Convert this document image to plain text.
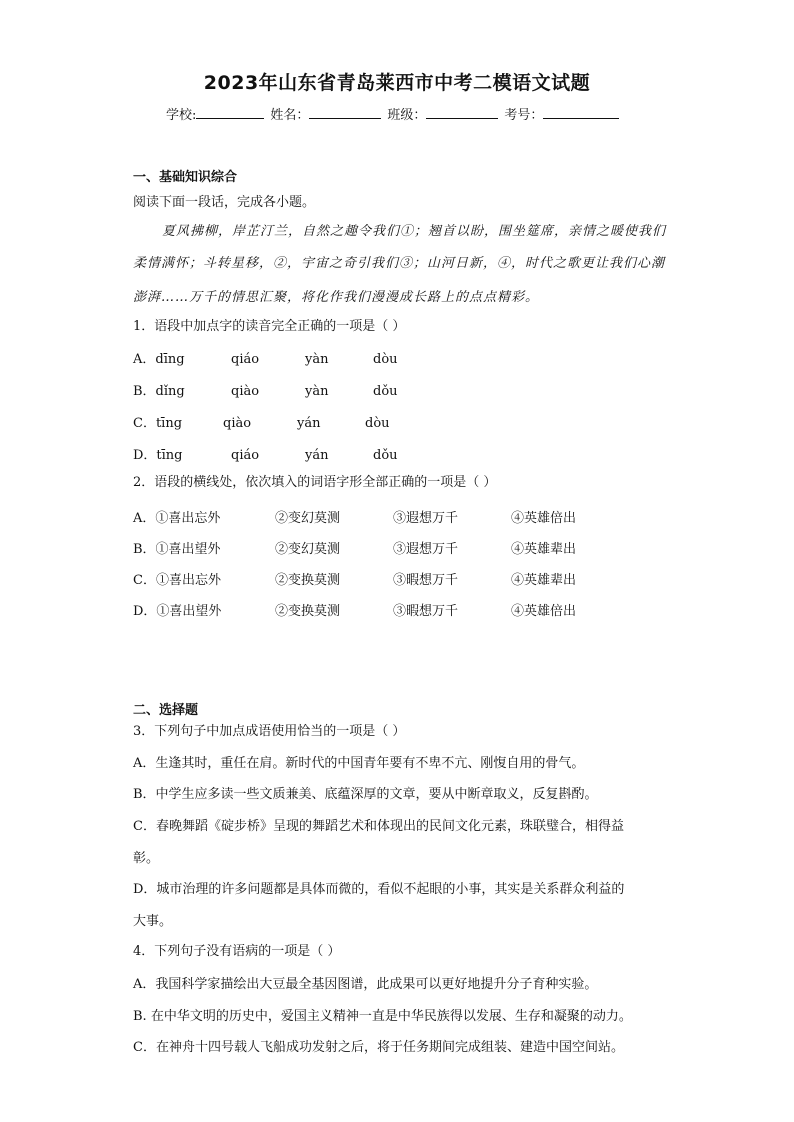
2023年山东省青岛莱西市中考二模语文试题
学校:	姓名：	班级：	考号：
一、基础知识综合
阅读下面一段话，完成各小题。
夏风拂柳，岸芷汀兰，自然之趣令我们①；翘首以盼，围坐筵席，亲情之暖使我们
柔情满怀；斗转星移，②，宇宙之奇引我们③；山河日新，④，时代之歌更让我们心潮
澎湃……万千的情思汇聚，将化作我们漫漫成长路上的点点精彩。
1．语段中加点字的读音完全正确的一项是（ ）
A．dīng	qiáo	yàn	dòu
B．dǐng	qiào	yàn	dǒu
C．tīng	qiào	yán	dòu
D．tīng	qiáo	yán	dǒu
2．语段的横线处，依次填入的词语字形全部正确的一项是（ ）
A．①喜出忘外	②变幻莫测	③遐想万千	④英雄倍出
B．①喜出望外	②变幻莫测	③遐想万千	④英雄辈出
C．①喜出忘外	②变换莫测	③暇想万千	④英雄辈出
D．①喜出望外	②变换莫测	③暇想万千	④英雄倍出
二、选择题
3．下列句子中加点成语使用恰当的一项是（ ）
A．生逢其时，重任在肩。新时代的中国青年要有不卑不亢、刚愎自用的骨气。
B．中学生应多读一些文质兼美、底蕴深厚的文章，要从中断章取义，反复斟酌。
C．春晚舞蹈《碇步桥》呈现的舞蹈艺术和体现出的民间文化元素，珠联璧合，相得益
彰。
D．城市治理的许多问题都是具体而微的，看似不起眼的小事，其实是关系群众利益的
大事。
4．下列句子没有语病的一项是（ ）
A．我国科学家描绘出大豆最全基因图谱，此成果可以更好地提升分子育种实验。
B. 在中华文明的历史中，爱国主义精神一直是中华民族得以发展、生存和凝聚的动力。
C．在神舟十四号载人飞船成功发射之后，将于任务期间完成组装、建造中国空间站。
